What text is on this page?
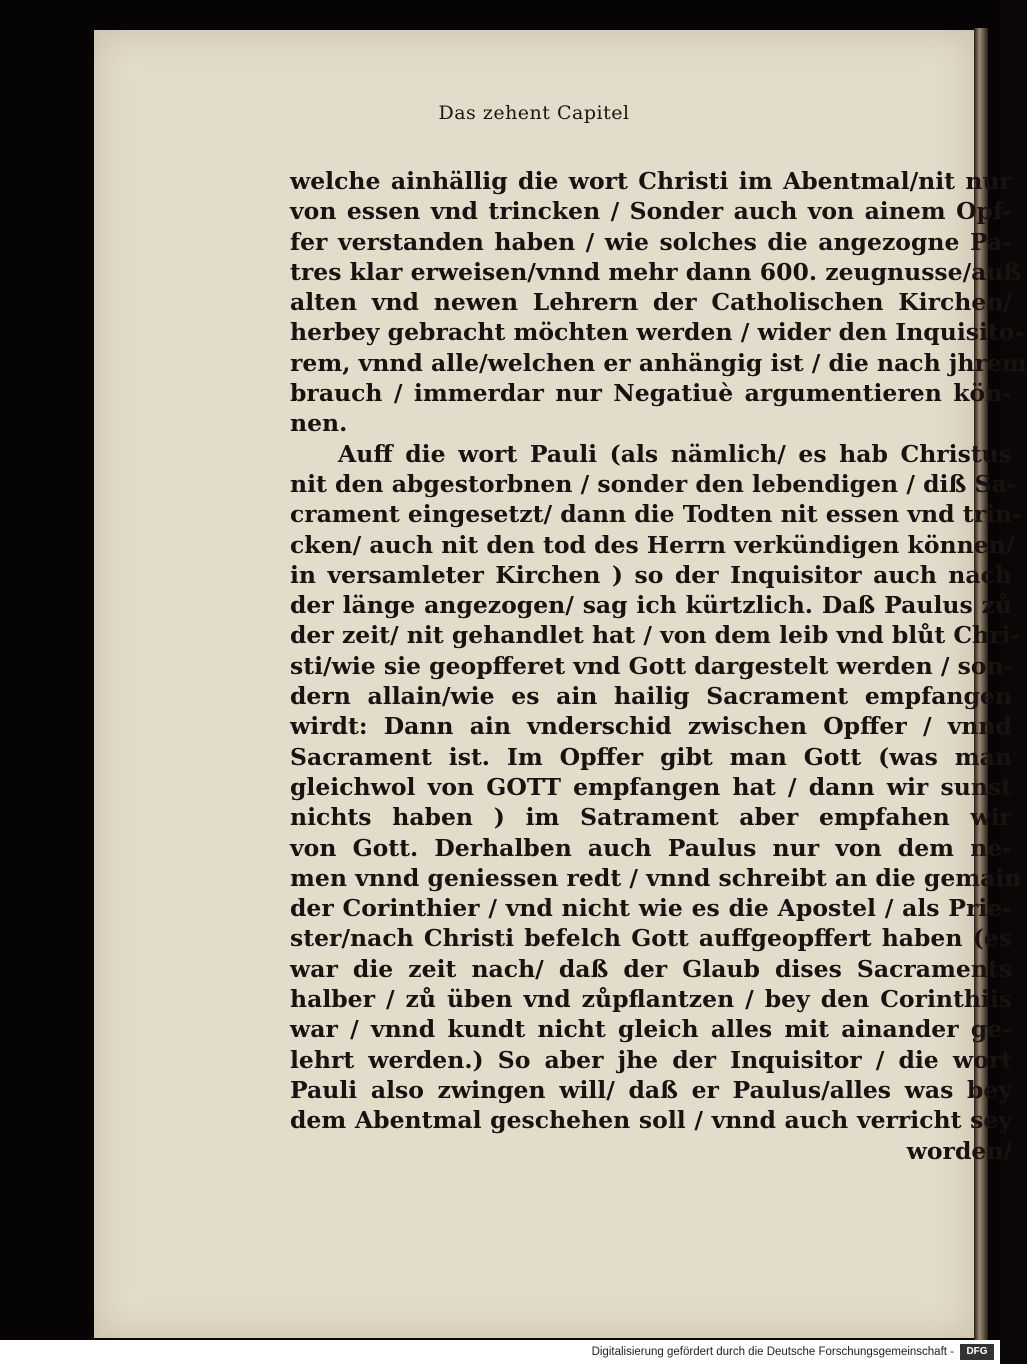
Das zehent Capitel
welche ainhällig die wort Christi im Abentmal/nit nur
von essen vnd trincken / Sonder auch von ainem Opf-
fer verstanden haben / wie solches die angezogne Pa-
tres klar erweisen/vnnd mehr dann 600. zeugnusse/auß
alten vnd newen Lehrern der Catholischen Kirchen/
herbey gebracht möchten werden / wider den Inquisito-
rem, vnnd alle/welchen er anhängig ist / die nach jhrem
brauch / immerdar nur Negatiuè argumentieren kön-
nen.
Auff die wort Pauli (als nämlich/ es hab Christus
nit den abgestorbnen / sonder den lebendigen / diß Sa-
crament eingesetzt/ dann die Todten nit essen vnd trin-
cken/ auch nit den tod des Herrn verkündigen können/
in versamleter Kirchen ) so der Inquisitor auch nach
der länge angezogen/ sag ich kürtzlich. Daß Paulus zů
der zeit/ nit gehandlet hat / von dem leib vnd blůt Chri-
sti/wie sie geopfferet vnd Gott dargestelt werden / son-
dern allain/wie es ain hailig Sacrament empfangen
wirdt: Dann ain vnderschid zwischen Opffer / vnnd
Sacrament ist. Im Opffer gibt man Gott (was man
gleichwol von GOTT empfangen hat / dann wir sunst
nichts haben ) im Satrament aber empfahen wir
von Gott. Derhalben auch Paulus nur von dem ne-
men vnnd geniessen redt / vnnd schreibt an die gemain
der Corinthier / vnd nicht wie es die Apostel / als Prie-
ster/nach Christi befelch Gott auffgeopffert haben (es
war die zeit nach/ daß der Glaub dises Sacraments
halber / zů üben vnd zůpflantzen / bey den Corinthiis
war / vnnd kundt nicht gleich alles mit ainander ge-
lehrt werden.) So aber jhe der Inquisitor / die wort
Pauli also zwingen will/ daß er Paulus/alles was bey
dem Abentmal geschehen soll / vnnd auch verricht sey
worden/
Digitalisierung gefördert durch die Deutsche Forschungsgemeinschaft -	DFG
